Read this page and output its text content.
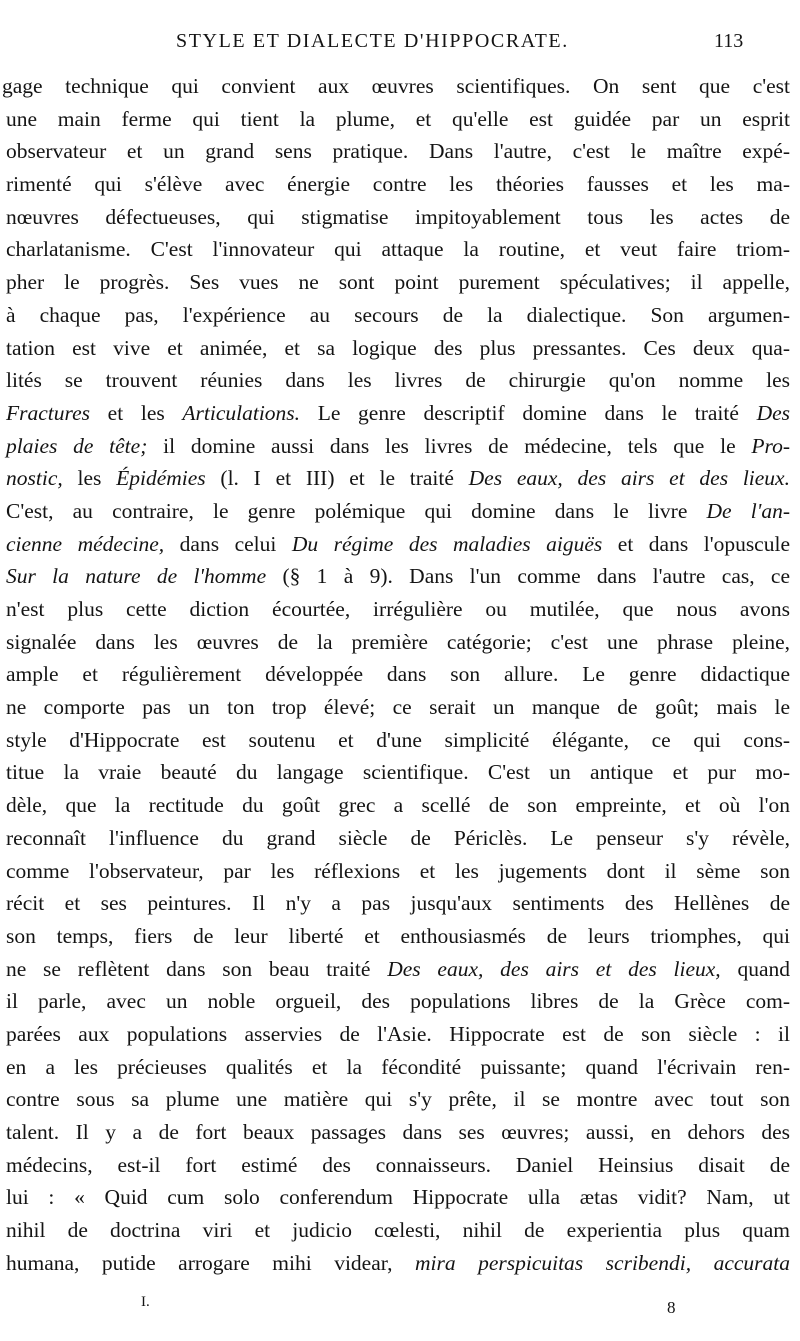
STYLE ET DIALECTE D'HIPPOCRATE.	113
gage technique qui convient aux œuvres scientifiques. On sent que c'est
une main ferme qui tient la plume, et qu'elle est guidée par un esprit
observateur et un grand sens pratique. Dans l'autre, c'est le maître expé-
rimenté qui s'élève avec énergie contre les théories fausses et les ma-
nœuvres défectueuses, qui stigmatise impitoyablement tous les actes de
charlatanisme. C'est l'innovateur qui attaque la routine, et veut faire triom-
pher le progrès. Ses vues ne sont point purement spéculatives; il appelle,
à chaque pas, l'expérience au secours de la dialectique. Son argumen-
tation est vive et animée, et sa logique des plus pressantes. Ces deux qua-
lités se trouvent réunies dans les livres de chirurgie qu'on nomme les
Fractures et les Articulations. Le genre descriptif domine dans le traité Des
plaies de tête; il domine aussi dans les livres de médecine, tels que le Pro-
nostic, les Épidémies (l. I et III) et le traité Des eaux, des airs et des lieux.
C'est, au contraire, le genre polémique qui domine dans le livre De l'an-
cienne médecine, dans celui Du régime des maladies aiguës et dans l'opuscule
Sur la nature de l'homme (§ 1 à 9). Dans l'un comme dans l'autre cas, ce
n'est plus cette diction écourtée, irrégulière ou mutilée, que nous avons
signalée dans les œuvres de la première catégorie; c'est une phrase pleine,
ample et régulièrement développée dans son allure. Le genre didactique
ne comporte pas un ton trop élevé; ce serait un manque de goût; mais le
style d'Hippocrate est soutenu et d'une simplicité élégante, ce qui cons-
titue la vraie beauté du langage scientifique. C'est un antique et pur mo-
dèle, que la rectitude du goût grec a scellé de son empreinte, et où l'on
reconnaît l'influence du grand siècle de Périclès. Le penseur s'y révèle,
comme l'observateur, par les réflexions et les jugements dont il sème son
récit et ses peintures. Il n'y a pas jusqu'aux sentiments des Hellènes de
son temps, fiers de leur liberté et enthousiasmés de leurs triomphes, qui
ne se reflètent dans son beau traité Des eaux, des airs et des lieux, quand
il parle, avec un noble orgueil, des populations libres de la Grèce com-
parées aux populations asservies de l'Asie. Hippocrate est de son siècle : il
en a les précieuses qualités et la fécondité puissante; quand l'écrivain ren-
contre sous sa plume une matière qui s'y prête, il se montre avec tout son
talent. Il y a de fort beaux passages dans ses œuvres; aussi, en dehors des
médecins, est-il fort estimé des connaisseurs. Daniel Heinsius disait de
lui : « Quid cum solo conferendum Hippocrate ulla ætas vidit? Nam, ut
nihil de doctrina viri et judicio cœlesti, nihil de experientia plus quam
humana, putide arrogare mihi videar, mira perspicuitas scribendi, accurata
I.	8
